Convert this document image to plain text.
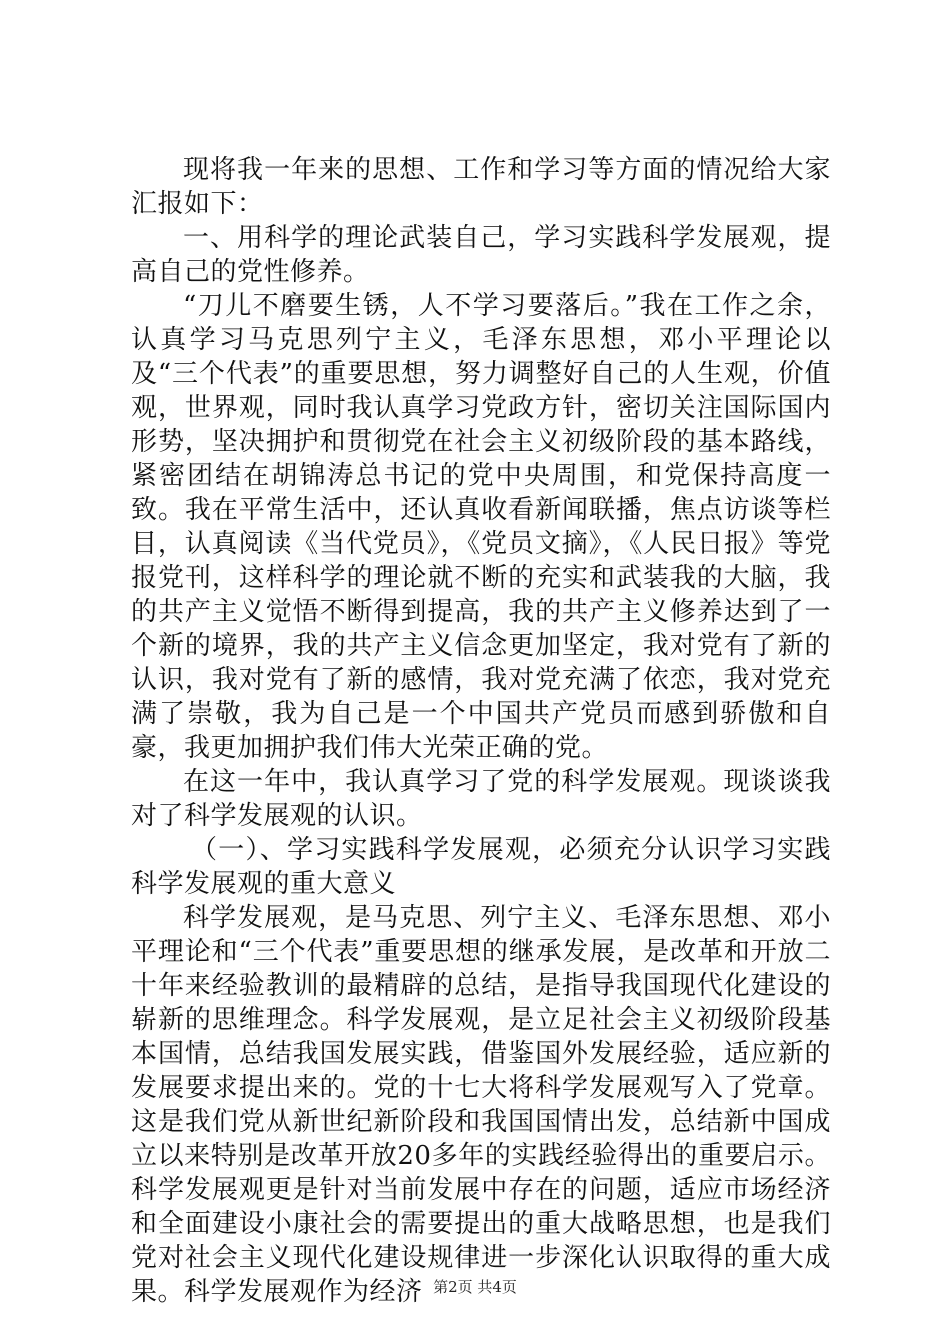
现将我一年来的思想、工作和学习等方面的情况给大家汇报如下：

一、用科学的理论武装自己，学习实践科学发展观，提高自己的党性修养。

“刀儿不磨要生锈，人不学习要落后。”我在工作之余，认真学习马克思列宁主义，毛泽东思想，邓小平理论以及“三个代表”的重要思想，努力调整好自己的人生观，价值观，世界观，同时我认真学习党政方针，密切关注国际国内形势，坚决拥护和贯彻党在社会主义初级阶段的基本路线，紧密团结在胡锦涛总书记的党中央周围，和党保持高度一致。我在平常生活中，还认真收看新闻联播，焦点访谈等栏目，认真阅读《当代党员》，《党员文摘》，《人民日报》等党报党刊，这样科学的理论就不断的充实和武装我的大脑，我的共产主义觉悟不断得到提高，我的共产主义修养达到了一个新的境界，我的共产主义信念更加坚定，我对党有了新的认识，我对党有了新的感情，我对党充满了依恋，我对党充满了崇敬，我为自己是一个中国共产党员而感到骄傲和自豪，我更加拥护我们伟大光荣正确的党。

在这一年中，我认真学习了党的科学发展观。现谈谈我对了科学发展观的认识。

（一）、学习实践科学发展观，必须充分认识学习实践科学发展观的重大意义

科学发展观，是马克思、列宁主义、毛泽东思想、邓小平理论和“三个代表”重要思想的继承发展，是改革和开放二十年来经验教训的最精辟的总结，是指导我国现代化建设的崭新的思维理念。科学发展观，是立足社会主义初级阶段基本国情，总结我国发展实践，借鉴国外发展经验，适应新的发展要求提出来的。党的十七大将科学发展观写入了党章。这是我们党从新世纪新阶段和我国国情出发，总结新中国成立以来特别是改革开放20多年的实践经验得出的重要启示。科学发展观更是针对当前发展中存在的问题，适应市场经济和全面建设小康社会的需要提出的重大战略思想，也是我们党对社会主义现代化建设规律进一步深化认识取得的重大成果。科学发展观作为经济 第2页 共4页
